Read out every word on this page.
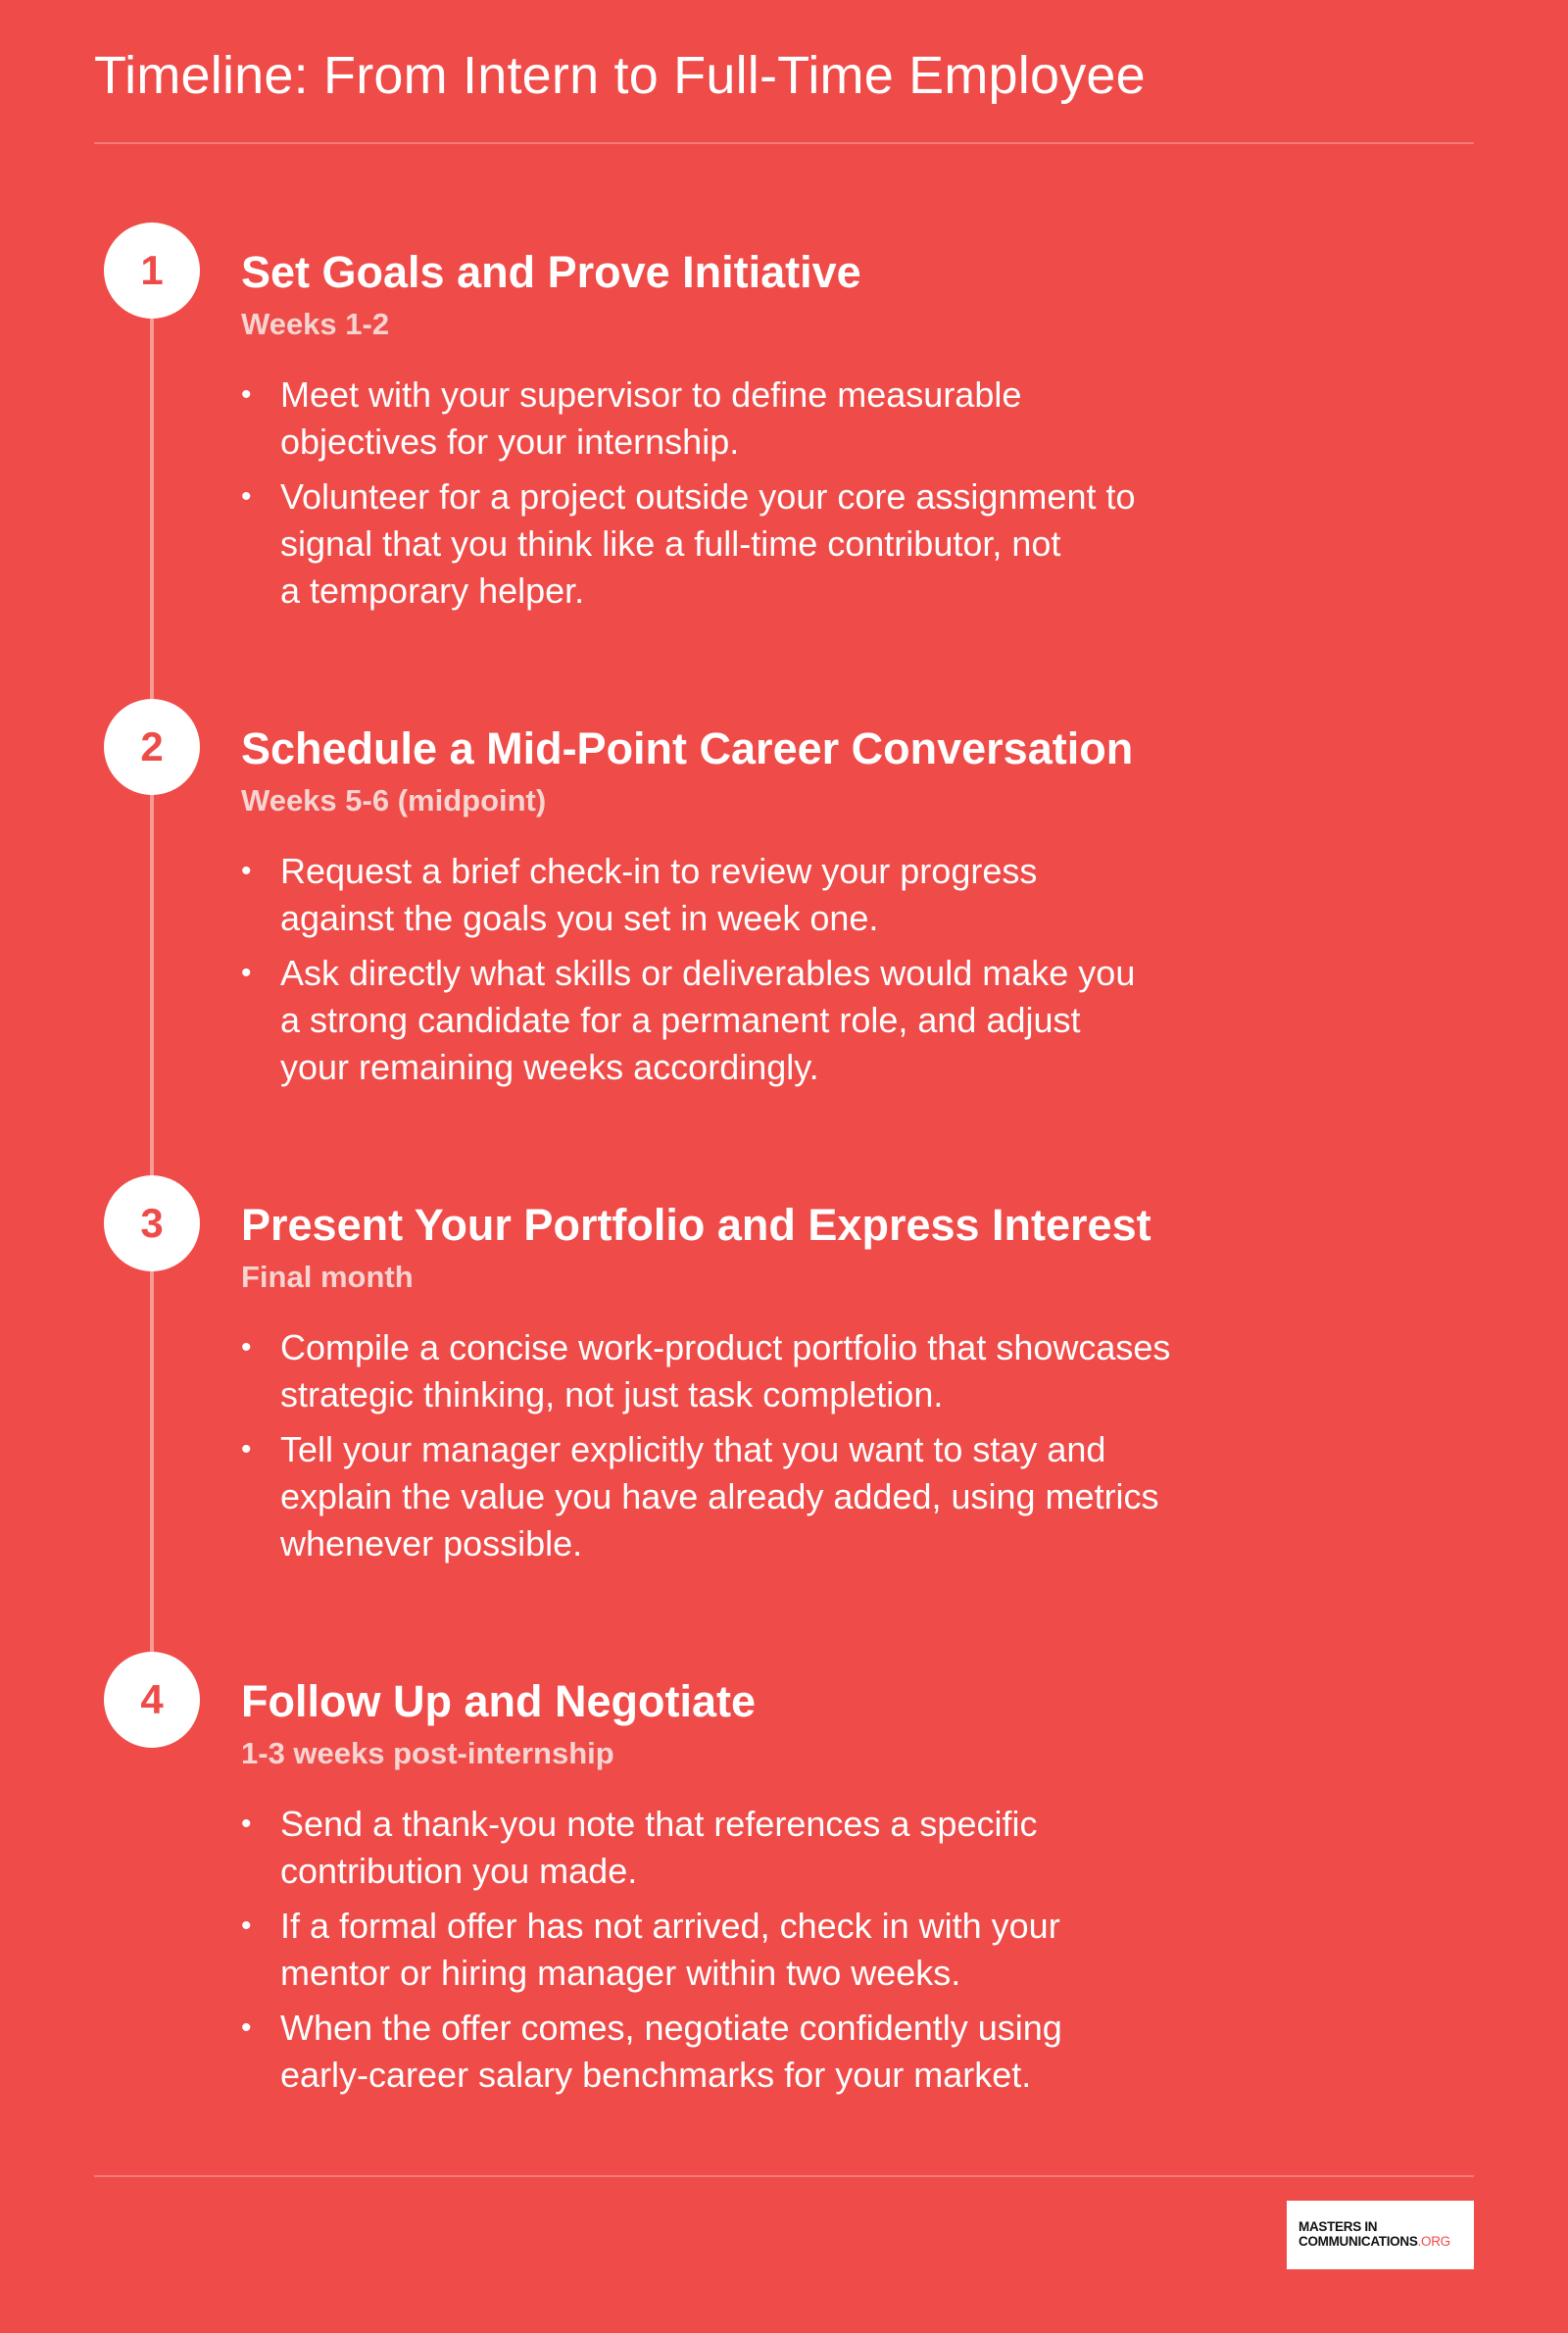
Timeline: From Intern to Full-Time Employee
1	Set Goals and Prove Initiative
Weeks 1-2
• Meet with your supervisor to define measurable
objectives for your internship.
• Volunteer for a project outside your core assignment to
signal that you think like a full-time contributor, not
a temporary helper.
2	Schedule a Mid-Point Career Conversation
Weeks 5-6 (midpoint)
• Request a brief check-in to review your progress
against the goals you set in week one.
• Ask directly what skills or deliverables would make you
a strong candidate for a permanent role, and adjust
your remaining weeks accordingly.
3	Present Your Portfolio and Express Interest
Final month
• Compile a concise work-product portfolio that showcases
strategic thinking, not just task completion.
• Tell your manager explicitly that you want to stay and
explain the value you have already added, using metrics
whenever possible.
4	Follow Up and Negotiate
1-3 weeks post-internship
• Send a thank-you note that references a specific
contribution you made.
• If a formal offer has not arrived, check in with your
mentor or hiring manager within two weeks.
• When the offer comes, negotiate confidently using
early-career salary benchmarks for your market.
MASTERS IN
COMMUNICATIONS.ORG
